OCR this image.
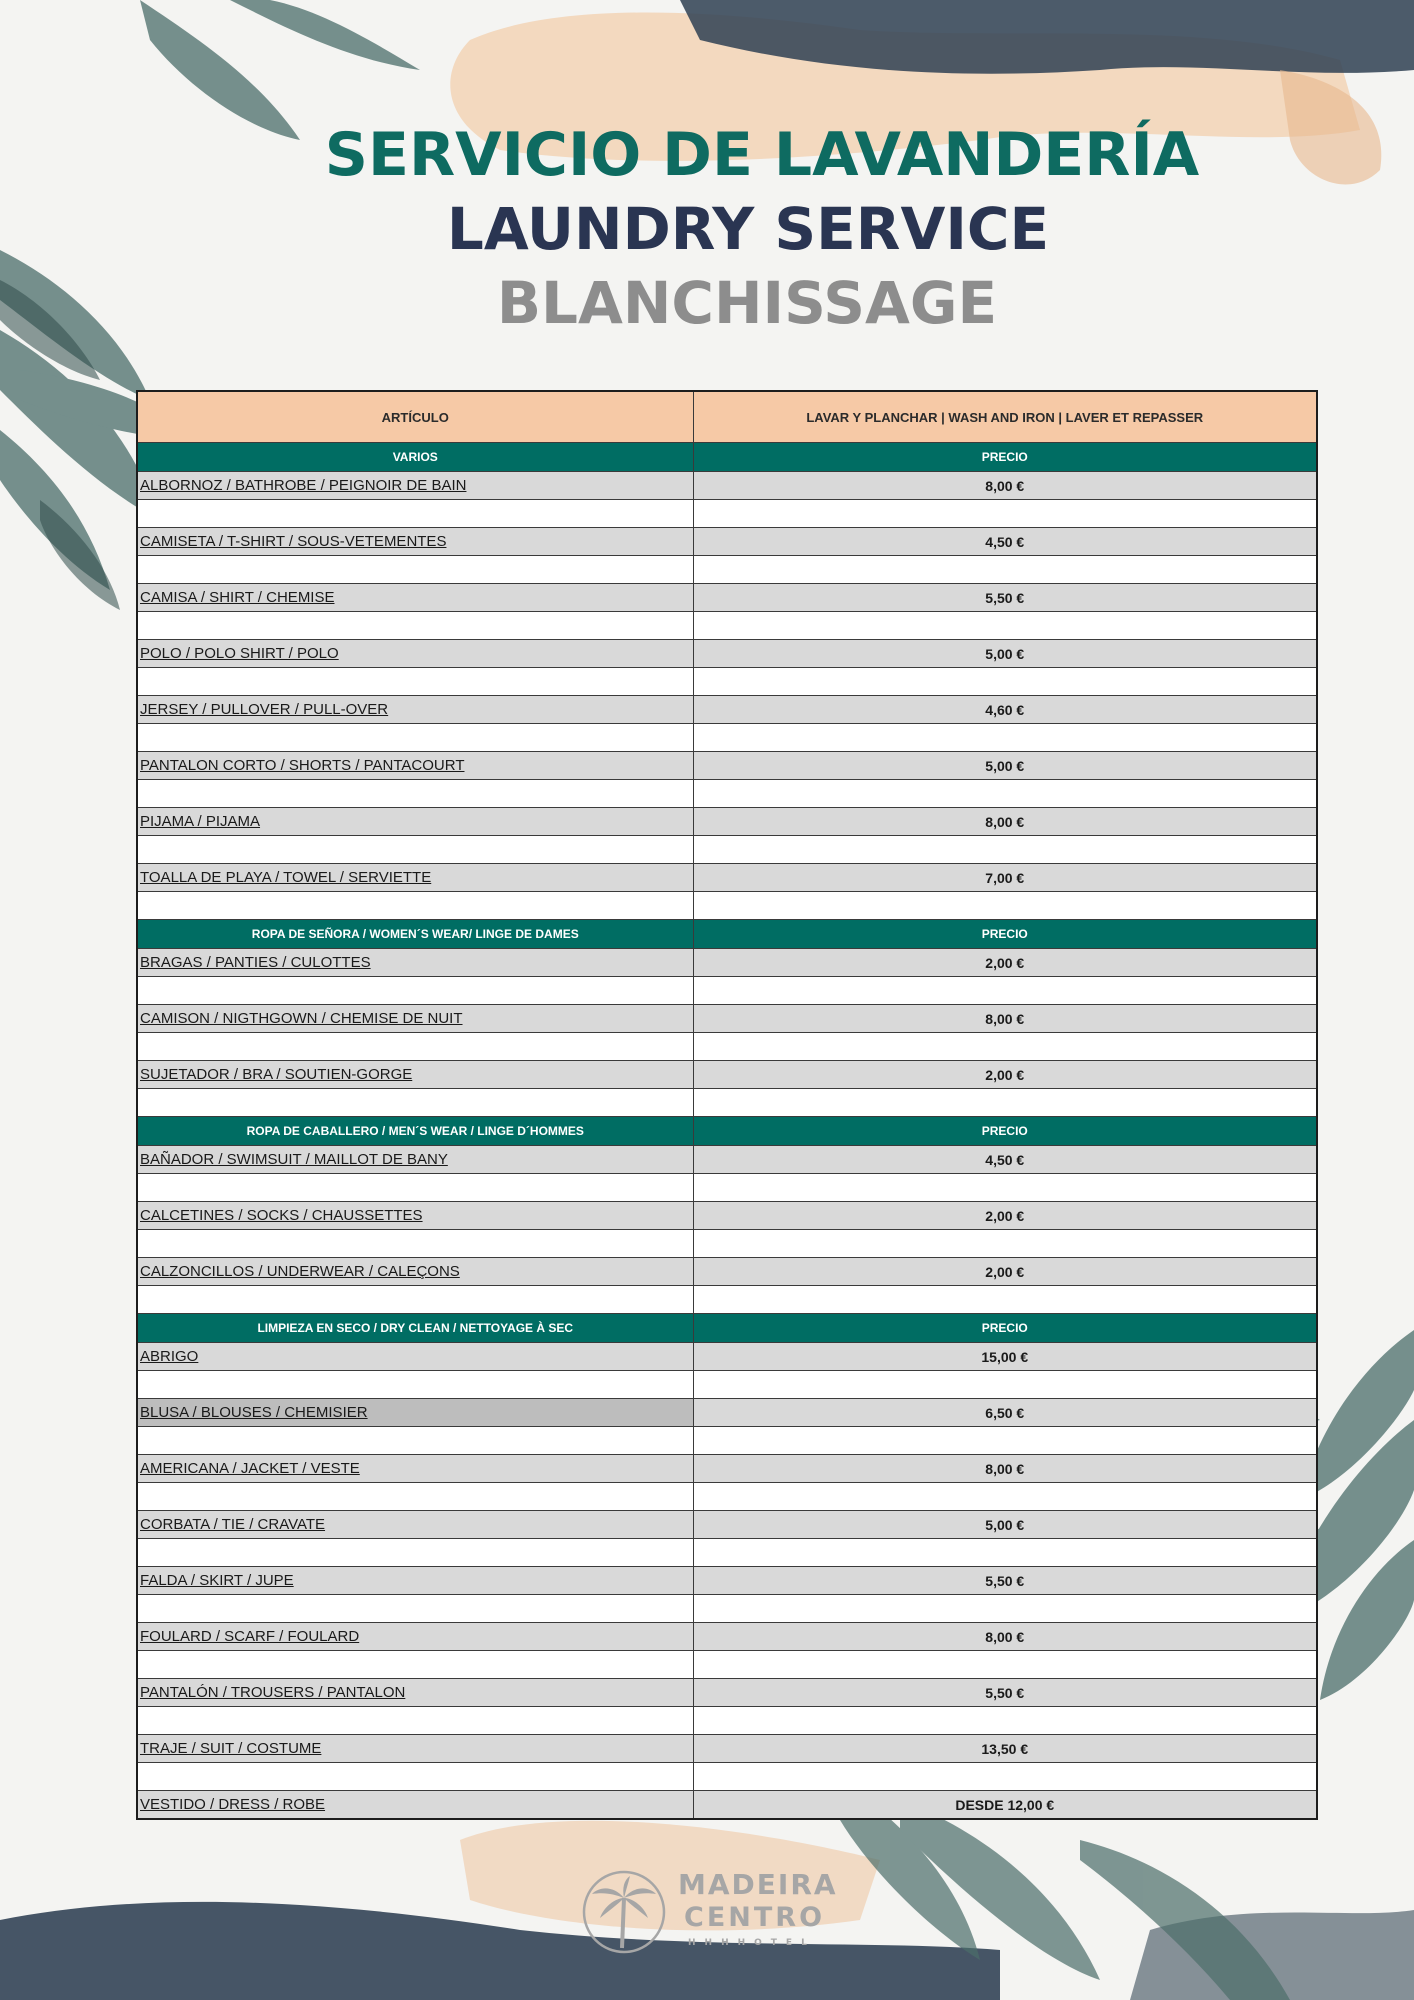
SERVICIO DE LAVANDERÍA
LAUNDRY SERVICE
BLANCHISSAGE
ARTÍCULO	LAVAR Y PLANCHAR | WASH AND IRON | LAVER ET REPASSER
VARIOS	PRECIO
ALBORNOZ / BATHROBE / PEIGNOIR DE BAIN	8,00 €

CAMISETA / T-SHIRT / SOUS-VETEMENTES	4,50 €

CAMISA / SHIRT / CHEMISE	5,50 €

POLO / POLO SHIRT / POLO	5,00 €

JERSEY / PULLOVER / PULL-OVER	4,60 €

PANTALON CORTO / SHORTS / PANTACOURT	5,00 €

PIJAMA / PIJAMA	8,00 €

TOALLA DE PLAYA / TOWEL / SERVIETTE	7,00 €

ROPA DE SEÑORA / WOMEN´S WEAR/ LINGE DE DAMES	PRECIO
BRAGAS / PANTIES / CULOTTES	2,00 €

CAMISON / NIGTHGOWN / CHEMISE DE NUIT	8,00 €

SUJETADOR / BRA / SOUTIEN-GORGE	2,00 €

ROPA DE CABALLERO / MEN´S WEAR / LINGE D´HOMMES	PRECIO
BAÑADOR / SWIMSUIT / MAILLOT DE BANY	4,50 €

CALCETINES / SOCKS / CHAUSSETTES	2,00 €

CALZONCILLOS / UNDERWEAR / CALEÇONS	2,00 €

LIMPIEZA EN SECO / DRY CLEAN / NETTOYAGE À SEC	PRECIO
ABRIGO	15,00 €

BLUSA / BLOUSES / CHEMISIER	6,50 €

AMERICANA / JACKET / VESTE	8,00 €

CORBATA / TIE / CRAVATE	5,00 €

FALDA / SKIRT / JUPE	5,50 €

FOULARD / SCARF / FOULARD	8,00 €

PANTALÓN / TROUSERS / PANTALON	5,50 €

TRAJE / SUIT / COSTUME	13,50 €

VESTIDO / DRESS / ROBE	DESDE 12,00 €
MADEIRA
CENTRO
HHHHOTEL
